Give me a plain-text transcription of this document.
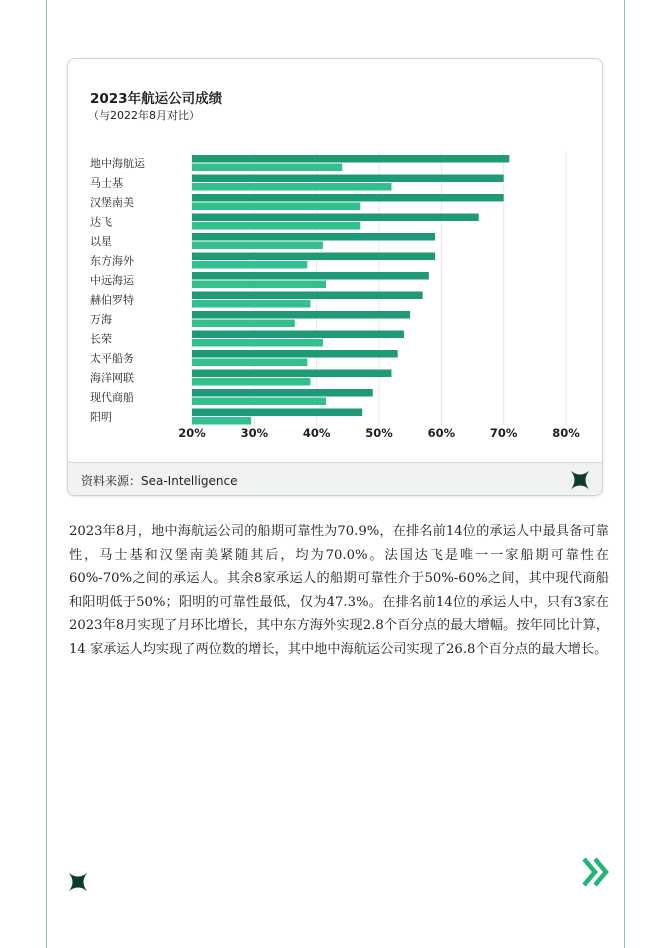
2023年航运公司成绩
（与2022年8月对比）
地中海航运
马士基
汉堡南美
达飞
以星
东方海外
中远海运
赫伯罗特
万海
长荣
太平船务
海洋网联
现代商船
阳明
20%	30%	40%	50%	60%	70%	80%
资料来源：Sea-Intelligence

2023年8月，地中海航运公司的船期可靠性为70.9%，在排名前14位的承运人中最具备可靠性，马士基和汉堡南美紧随其后，均为70.0%。法国达飞是唯一一家船期可靠性在60%-70%之间的承运人。其余8家承运人的船期可靠性介于50%-60%之间，其中现代商船和阳明低于50%；阳明的可靠性最低，仅为47.3%。在排名前14位的承运人中，只有3家在 2023年8月实现了月环比增长，其中东方海外实现2.8个百分点的最大增幅。按年同比计算，14 家承运人均实现了两位数的增长，其中地中海航运公司实现了26.8个百分点的最大增长。
